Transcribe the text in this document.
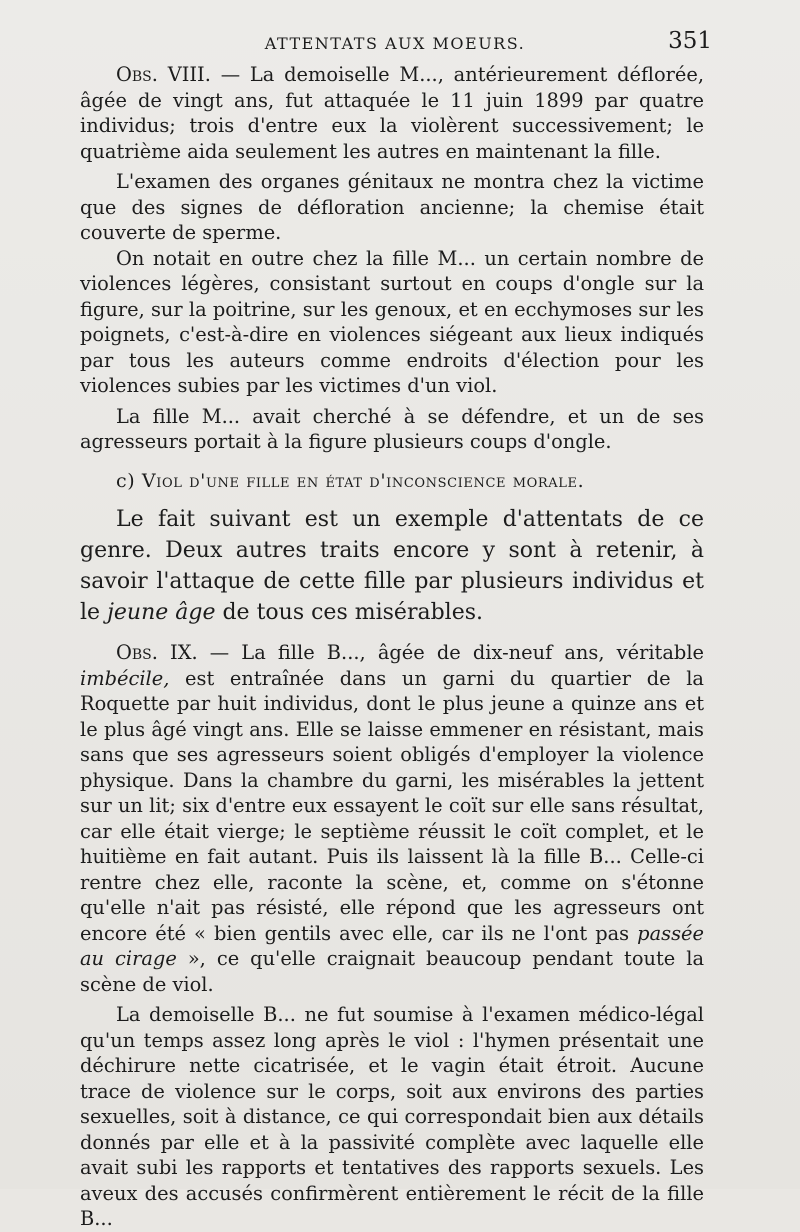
ATTENTATS AUX MOEURS.	351

Obs. VIII. — La demoiselle M..., antérieurement déflorée, âgée de vingt ans, fut attaquée le 11 juin 1899 par quatre individus; trois d'entre eux la violèrent successivement; le quatrième aida seulement les autres en maintenant la fille.

L'examen des organes génitaux ne montra chez la victime que des signes de défloration ancienne; la chemise était couverte de sperme.

On notait en outre chez la fille M... un certain nombre de violences légères, consistant surtout en coups d'ongle sur la figure, sur la poitrine, sur les genoux, et en ecchymoses sur les poignets, c'est-à-dire en violences siégeant aux lieux indiqués par tous les auteurs comme endroits d'élection pour les violences subies par les victimes d'un viol.

La fille M... avait cherché à se défendre, et un de ses agresseurs portait à la figure plusieurs coups d'ongle.

c) Viol d'une fille en état d'inconscience morale.

Le fait suivant est un exemple d'attentats de ce genre. Deux autres traits encore y sont à retenir, à savoir l'attaque de cette fille par plusieurs individus et le jeune âge de tous ces misérables.

Obs. IX. — La fille B..., âgée de dix-neuf ans, véritable imbécile, est entraînée dans un garni du quartier de la Roquette par huit individus, dont le plus jeune a quinze ans et le plus âgé vingt ans. Elle se laisse emmener en résistant, mais sans que ses agresseurs soient obligés d'employer la violence physique. Dans la chambre du garni, les misérables la jettent sur un lit; six d'entre eux essayent le coït sur elle sans résultat, car elle était vierge; le septième réussit le coït complet, et le huitième en fait autant. Puis ils laissent là la fille B... Celle-ci rentre chez elle, raconte la scène, et, comme on s'étonne qu'elle n'ait pas résisté, elle répond que les agresseurs ont encore été « bien gentils avec elle, car ils ne l'ont pas passée au cirage », ce qu'elle craignait beaucoup pendant toute la scène de viol.

La demoiselle B... ne fut soumise à l'examen médico-légal qu'un temps assez long après le viol : l'hymen présentait une déchirure nette cicatrisée, et le vagin était étroit. Aucune trace de violence sur le corps, soit aux environs des parties sexuelles, soit à distance, ce qui correspondait bien aux détails donnés par elle et à la passivité complète avec laquelle elle avait subi les rapports et tentatives des rapports sexuels. Les aveux des accusés confirmèrent entièrement le récit de la fille B...
